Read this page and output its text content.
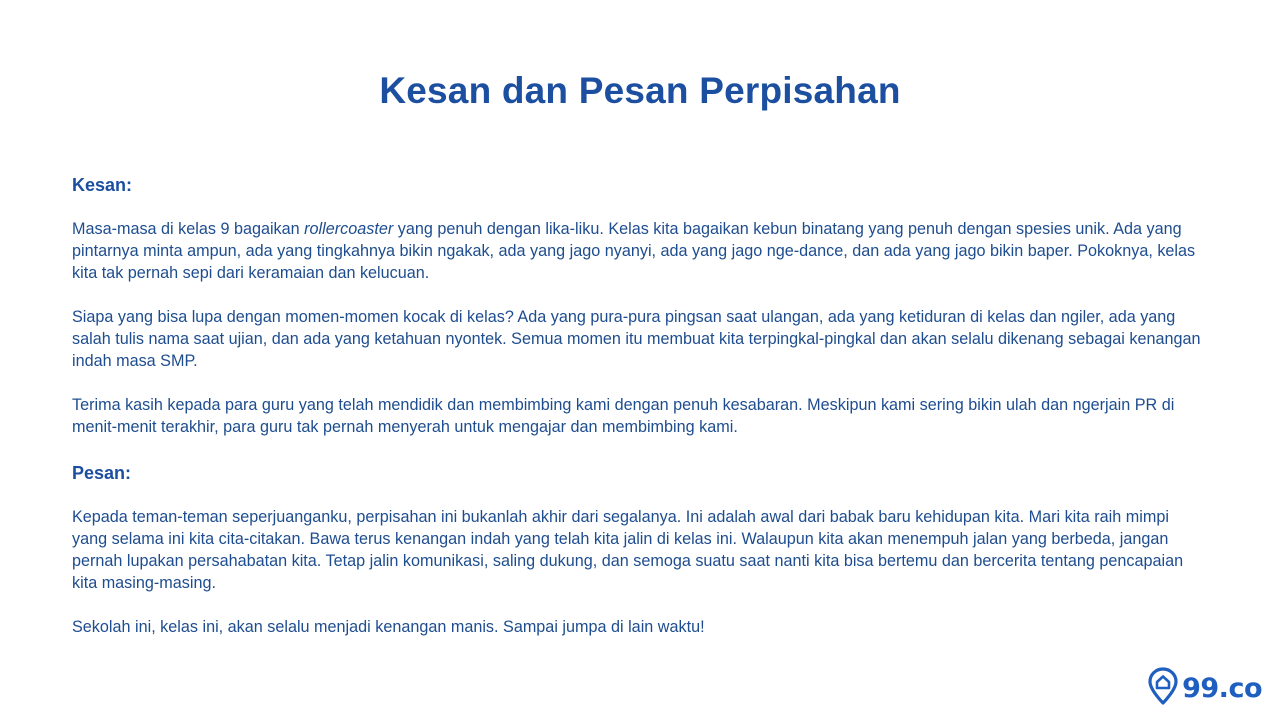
Kesan dan Pesan Perpisahan
Kesan:

Masa-masa di kelas 9 bagaikan rollercoaster yang penuh dengan lika-liku. Kelas kita bagaikan kebun binatang yang penuh dengan spesies unik. Ada yang pintarnya minta ampun, ada yang tingkahnya bikin ngakak, ada yang jago nyanyi, ada yang jago nge-dance, dan ada yang jago bikin baper. Pokoknya, kelas kita tak pernah sepi dari keramaian dan kelucuan.

Siapa yang bisa lupa dengan momen-momen kocak di kelas? Ada yang pura-pura pingsan saat ulangan, ada yang ketiduran di kelas dan ngiler, ada yang salah tulis nama saat ujian, dan ada yang ketahuan nyontek. Semua momen itu membuat kita terpingkal-pingkal dan akan selalu dikenang sebagai kenangan indah masa SMP.

Terima kasih kepada para guru yang telah mendidik dan membimbing kami dengan penuh kesabaran. Meskipun kami sering bikin ulah dan ngerjain PR di menit-menit terakhir, para guru tak pernah menyerah untuk mengajar dan membimbing kami.

Pesan:

Kepada teman-teman seperjuanganku, perpisahan ini bukanlah akhir dari segalanya. Ini adalah awal dari babak baru kehidupan kita. Mari kita raih mimpi yang selama ini kita cita-citakan. Bawa terus kenangan indah yang telah kita jalin di kelas ini. Walaupun kita akan menempuh jalan yang berbeda, jangan pernah lupakan persahabatan kita. Tetap jalin komunikasi, saling dukung, dan semoga suatu saat nanti kita bisa bertemu dan bercerita tentang pencapaian kita masing-masing.

Sekolah ini, kelas ini, akan selalu menjadi kenangan manis. Sampai jumpa di lain waktu!

99.co
